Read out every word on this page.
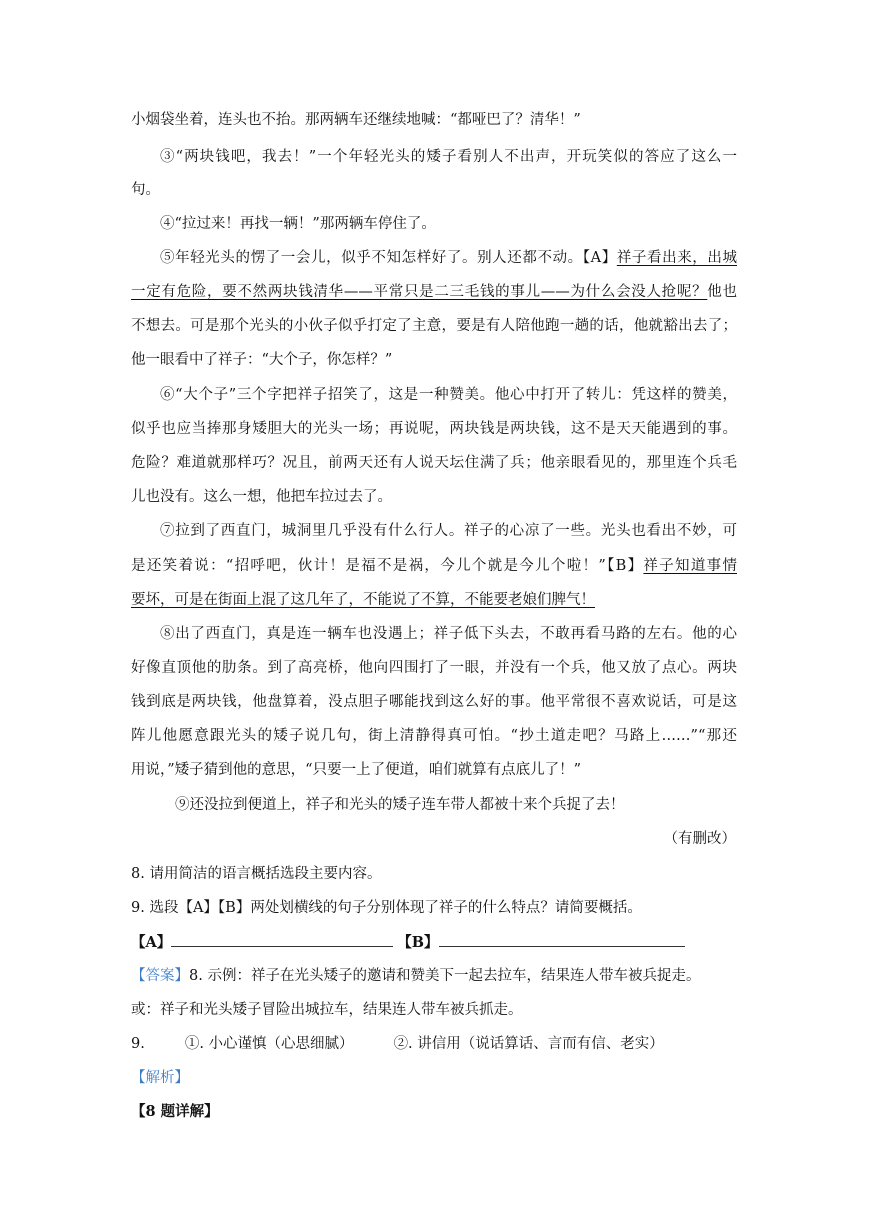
小烟袋坐着，连头也不抬。那两辆车还继续地喊：“都哑巴了？清华！”
③“两块钱吧，我去！”一个年轻光头的矮子看别人不出声，开玩笑似的答应了这么一
句。
④“拉过来！再找一辆！”那两辆车停住了。
⑤年轻光头的愣了一会儿，似乎不知怎样好了。别人还都不动。【A】祥子看出来，出城
一定有危险，要不然两块钱清华——平常只是二三毛钱的事儿——为什么会没人抢呢？他也
不想去。可是那个光头的小伙子似乎打定了主意，要是有人陪他跑一趟的话，他就豁出去了；
他一眼看中了祥子：“大个子，你怎样？”
⑥“大个子”三个字把祥子招笑了，这是一种赞美。他心中打开了转儿：凭这样的赞美，
似乎也应当捧那身矮胆大的光头一场；再说呢，两块钱是两块钱，这不是天天能遇到的事。
危险？难道就那样巧？况且，前两天还有人说天坛住满了兵；他亲眼看见的，那里连个兵毛
儿也没有。这么一想，他把车拉过去了。
⑦拉到了西直门，城洞里几乎没有什么行人。祥子的心凉了一些。光头也看出不妙，可
是还笑着说：“招呼吧，伙计！是福不是祸，今儿个就是今儿个啦！”【B】祥子知道事情
要坏，可是在街面上混了这几年了，不能说了不算，不能要老娘们脾气！
⑧出了西直门，真是连一辆车也没遇上；祥子低下头去，不敢再看马路的左右。他的心
好像直顶他的肋条。到了高亮桥，他向四围打了一眼，并没有一个兵，他又放了点心。两块
钱到底是两块钱，他盘算着，没点胆子哪能找到这么好的事。他平常很不喜欢说话，可是这
阵儿他愿意跟光头的矮子说几句，街上清静得真可怕。“抄土道走吧？马路上……”“那还
用说，”矮子猜到他的意思，“只要一上了便道，咱们就算有点底儿了！”
⑨还没拉到便道上，祥子和光头的矮子连车带人都被十来个兵捉了去！
（有删改）
8. 请用简洁的语言概括选段主要内容。
9. 选段【A】【B】两处划横线的句子分别体现了祥子的什么特点？请简要概括。
【A】	【B】
【答案】8. 示例：祥子在光头矮子的邀请和赞美下一起去拉车，结果连人带车被兵捉走。
或：祥子和光头矮子冒险出城拉车，结果连人带车被兵抓走。
9.	①. 小心谨慎（心思细腻）	②. 讲信用（说话算话、言而有信、老实）
【解析】
【8 题详解】
